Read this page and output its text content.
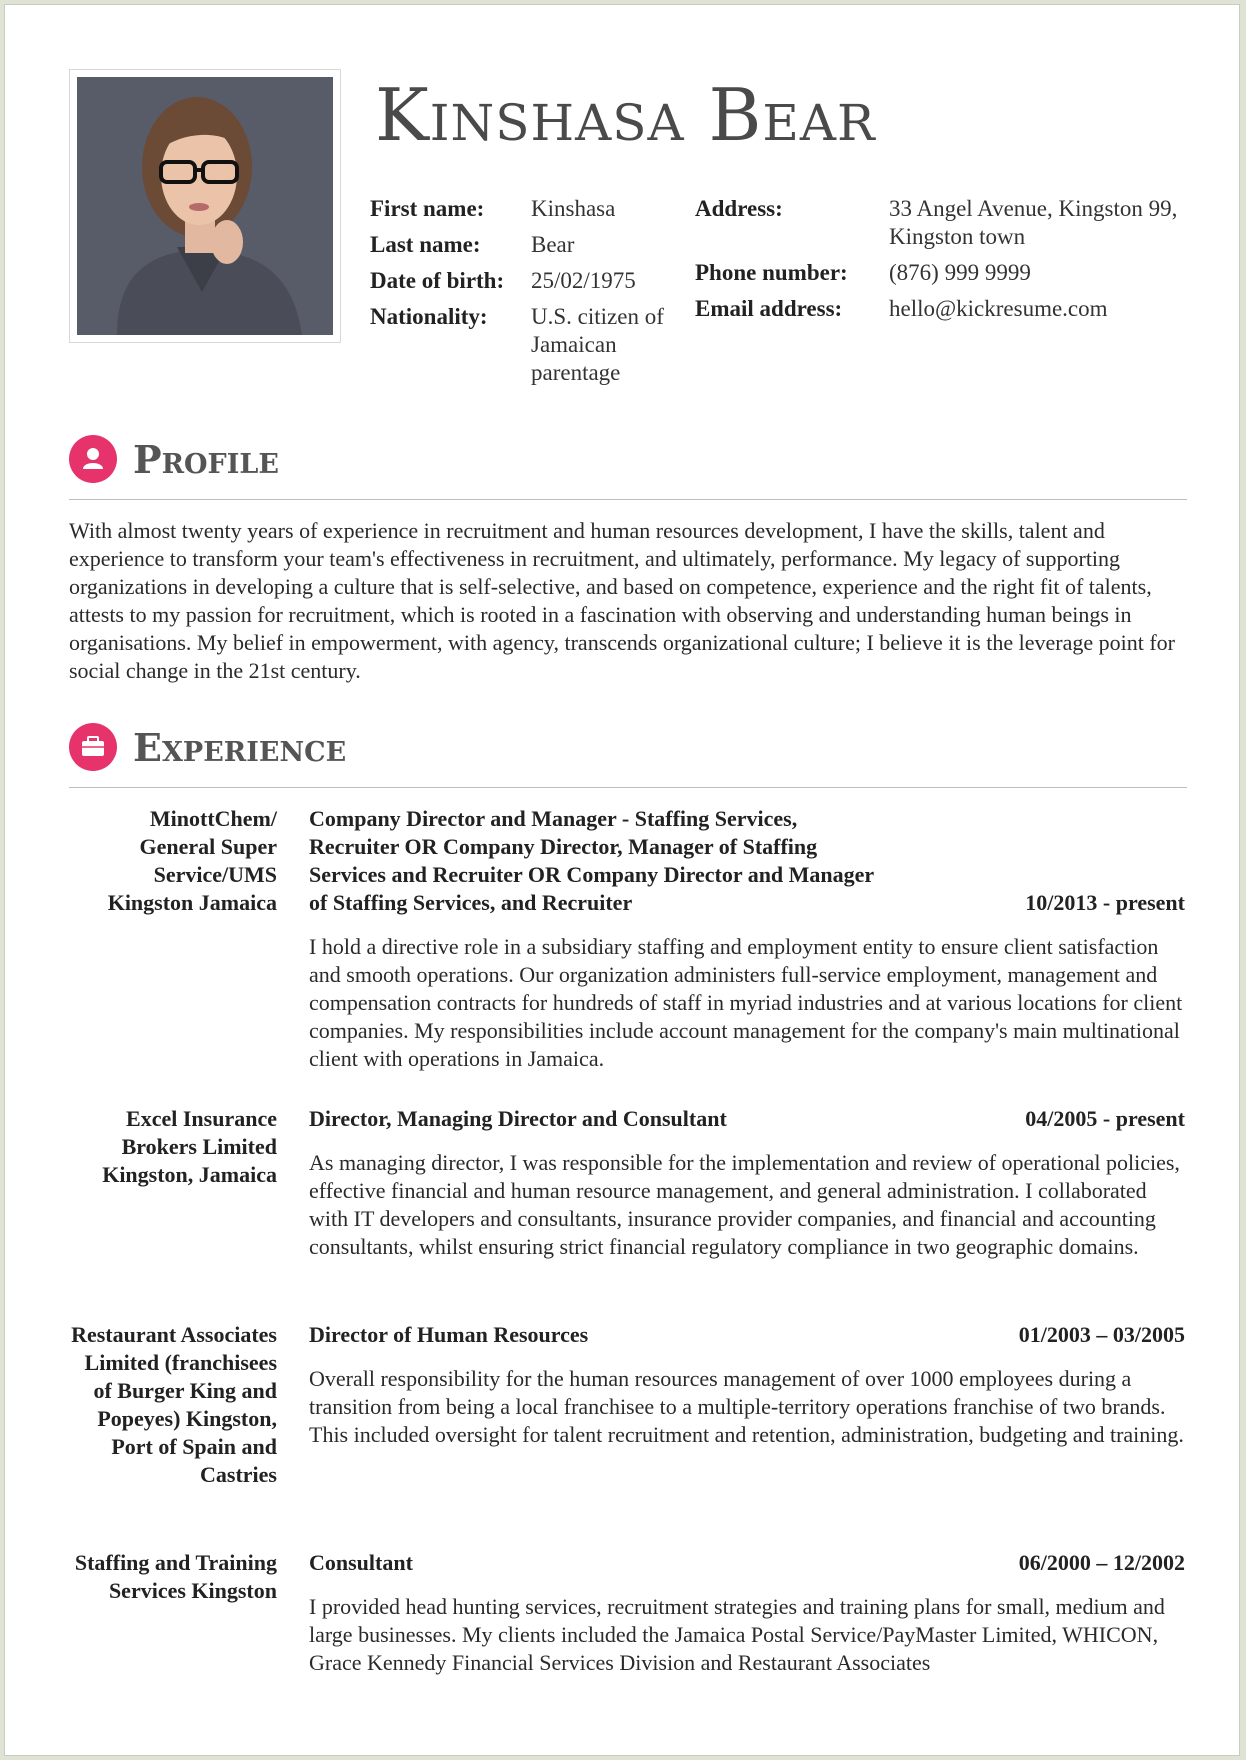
Kinshasa Bear
First name: Kinshasa
Last name: Bear
Date of birth: 25/02/1975
Nationality: U.S. citizen of Jamaican parentage
Address:	33 Angel Avenue, Kingston 99, Kingston town
Phone number: (876) 999 9999
Email address: hello@kickresume.com
Profile

With almost twenty years of experience in recruitment and human resources development, I have the skills, talent and experience to transform your team's effectiveness in recruitment, and ultimately, performance. My legacy of supporting organizations in developing a culture that is self-selective, and based on competence, experience and the right fit of talents, attests to my passion for recruitment, which is rooted in a fascination with observing and understanding human beings in organisations. My belief in empowerment, with agency, transcends organizational culture; I believe it is the leverage point for social change in the 21st century.

Experience
MinottChem/ General Super Service/UMS Kingston Jamaica
Company Director and Manager - Staffing Services, Recruiter OR Company Director, Manager of Staffing Services and Recruiter OR Company Director and Manager of Staffing Services, and Recruiter	10/2013 - present

I hold a directive role in a subsidiary staffing and employment entity to ensure client satisfaction and smooth operations. Our organization administers full-service employment, management and compensation contracts for hundreds of staff in myriad industries and at various locations for client companies. My responsibilities include account management for the company's main multinational client with operations in Jamaica.

Excel Insurance Brokers Limited Kingston, Jamaica
Director, Managing Director and Consultant	04/2005 - present

As managing director, I was responsible for the implementation and review of operational policies, effective financial and human resource management, and general administration. I collaborated with IT developers and consultants, insurance provider companies, and financial and accounting consultants, whilst ensuring strict financial regulatory compliance in two geographic domains.

Restaurant Associates Limited (franchisees of Burger King and Popeyes) Kingston, Port of Spain and Castries
Director of Human Resources	01/2003 – 03/2005

Overall responsibility for the human resources management of over 1000 employees during a transition from being a local franchisee to a multiple-territory operations franchise of two brands. This included oversight for talent recruitment and retention, administration, budgeting and training.

Staffing and Training Services Kingston
Consultant	06/2000 – 12/2002

I provided head hunting services, recruitment strategies and training plans for small, medium and large businesses. My clients included the Jamaica Postal Service/PayMaster Limited, WHICON, Grace Kennedy Financial Services Division and Restaurant Associates
